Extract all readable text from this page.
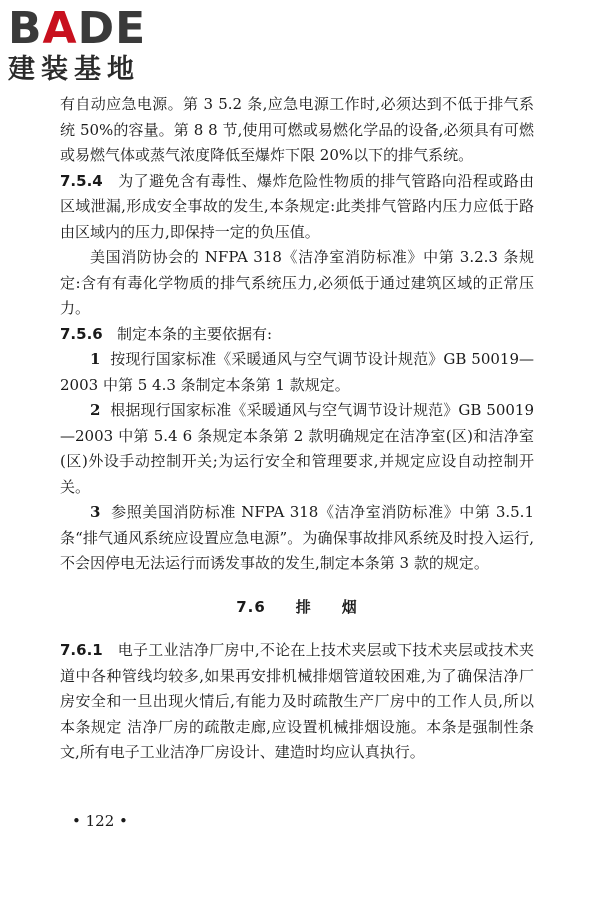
BADE
建装基地

有自动应急电源。第 3 5.2 条,应急电源工作时,必须达到不低于排气系统 50%的容量。第 8 8 节,使用可燃或易燃化学品的设备,必须具有可燃或易燃气体或蒸气浓度降低至爆炸下限 20%以下的排气系统。

7.5.4 为了避免含有毒性、爆炸危险性物质的排气管路向沿程或路由区域泄漏,形成安全事故的发生,本条规定:此类排气管路内压力应低于路由区域内的压力,即保持一定的负压值。

美国消防协会的 NFPA 318《洁净室消防标准》中第 3.2.3 条规定:含有有毒化学物质的排气系统压力,必须低于通过建筑区域的正常压力。

7.5.6 制定本条的主要依据有:

1 按现行国家标准《采暖通风与空气调节设计规范》GB 50019—2003 中第 5 4.3 条制定本条第 1 款规定。

2 根据现行国家标准《采暖通风与空气调节设计规范》GB 50019—2003 中第 5.4 6 条规定本条第 2 款明确规定在洁净室(区)和洁净室(区)外设手动控制开关;为运行安全和管理要求,并规定应设自动控制开关。

3 参照美国消防标准 NFPA 318《洁净室消防标准》中第 3.5.1条“排气通风系统应设置应急电源”。为确保事故排风系统及时投入运行,不会因停电无法运行而诱发事故的发生,制定本条第 3 款的规定。

7.6 排 烟

7.6.1 电子工业洁净厂房中,不论在上技术夹层或下技术夹层或技术夹道中各种管线均较多,如果再安排机械排烟管道较困难,为了确保洁净厂房安全和一旦出现火情后,有能力及时疏散生产厂房中的工作人员,所以本条规定 洁净厂房的疏散走廊,应设置机械排烟设施。本条是强制性条文,所有电子工业洁净厂房设计、建造时均应认真执行。

• 122 •
